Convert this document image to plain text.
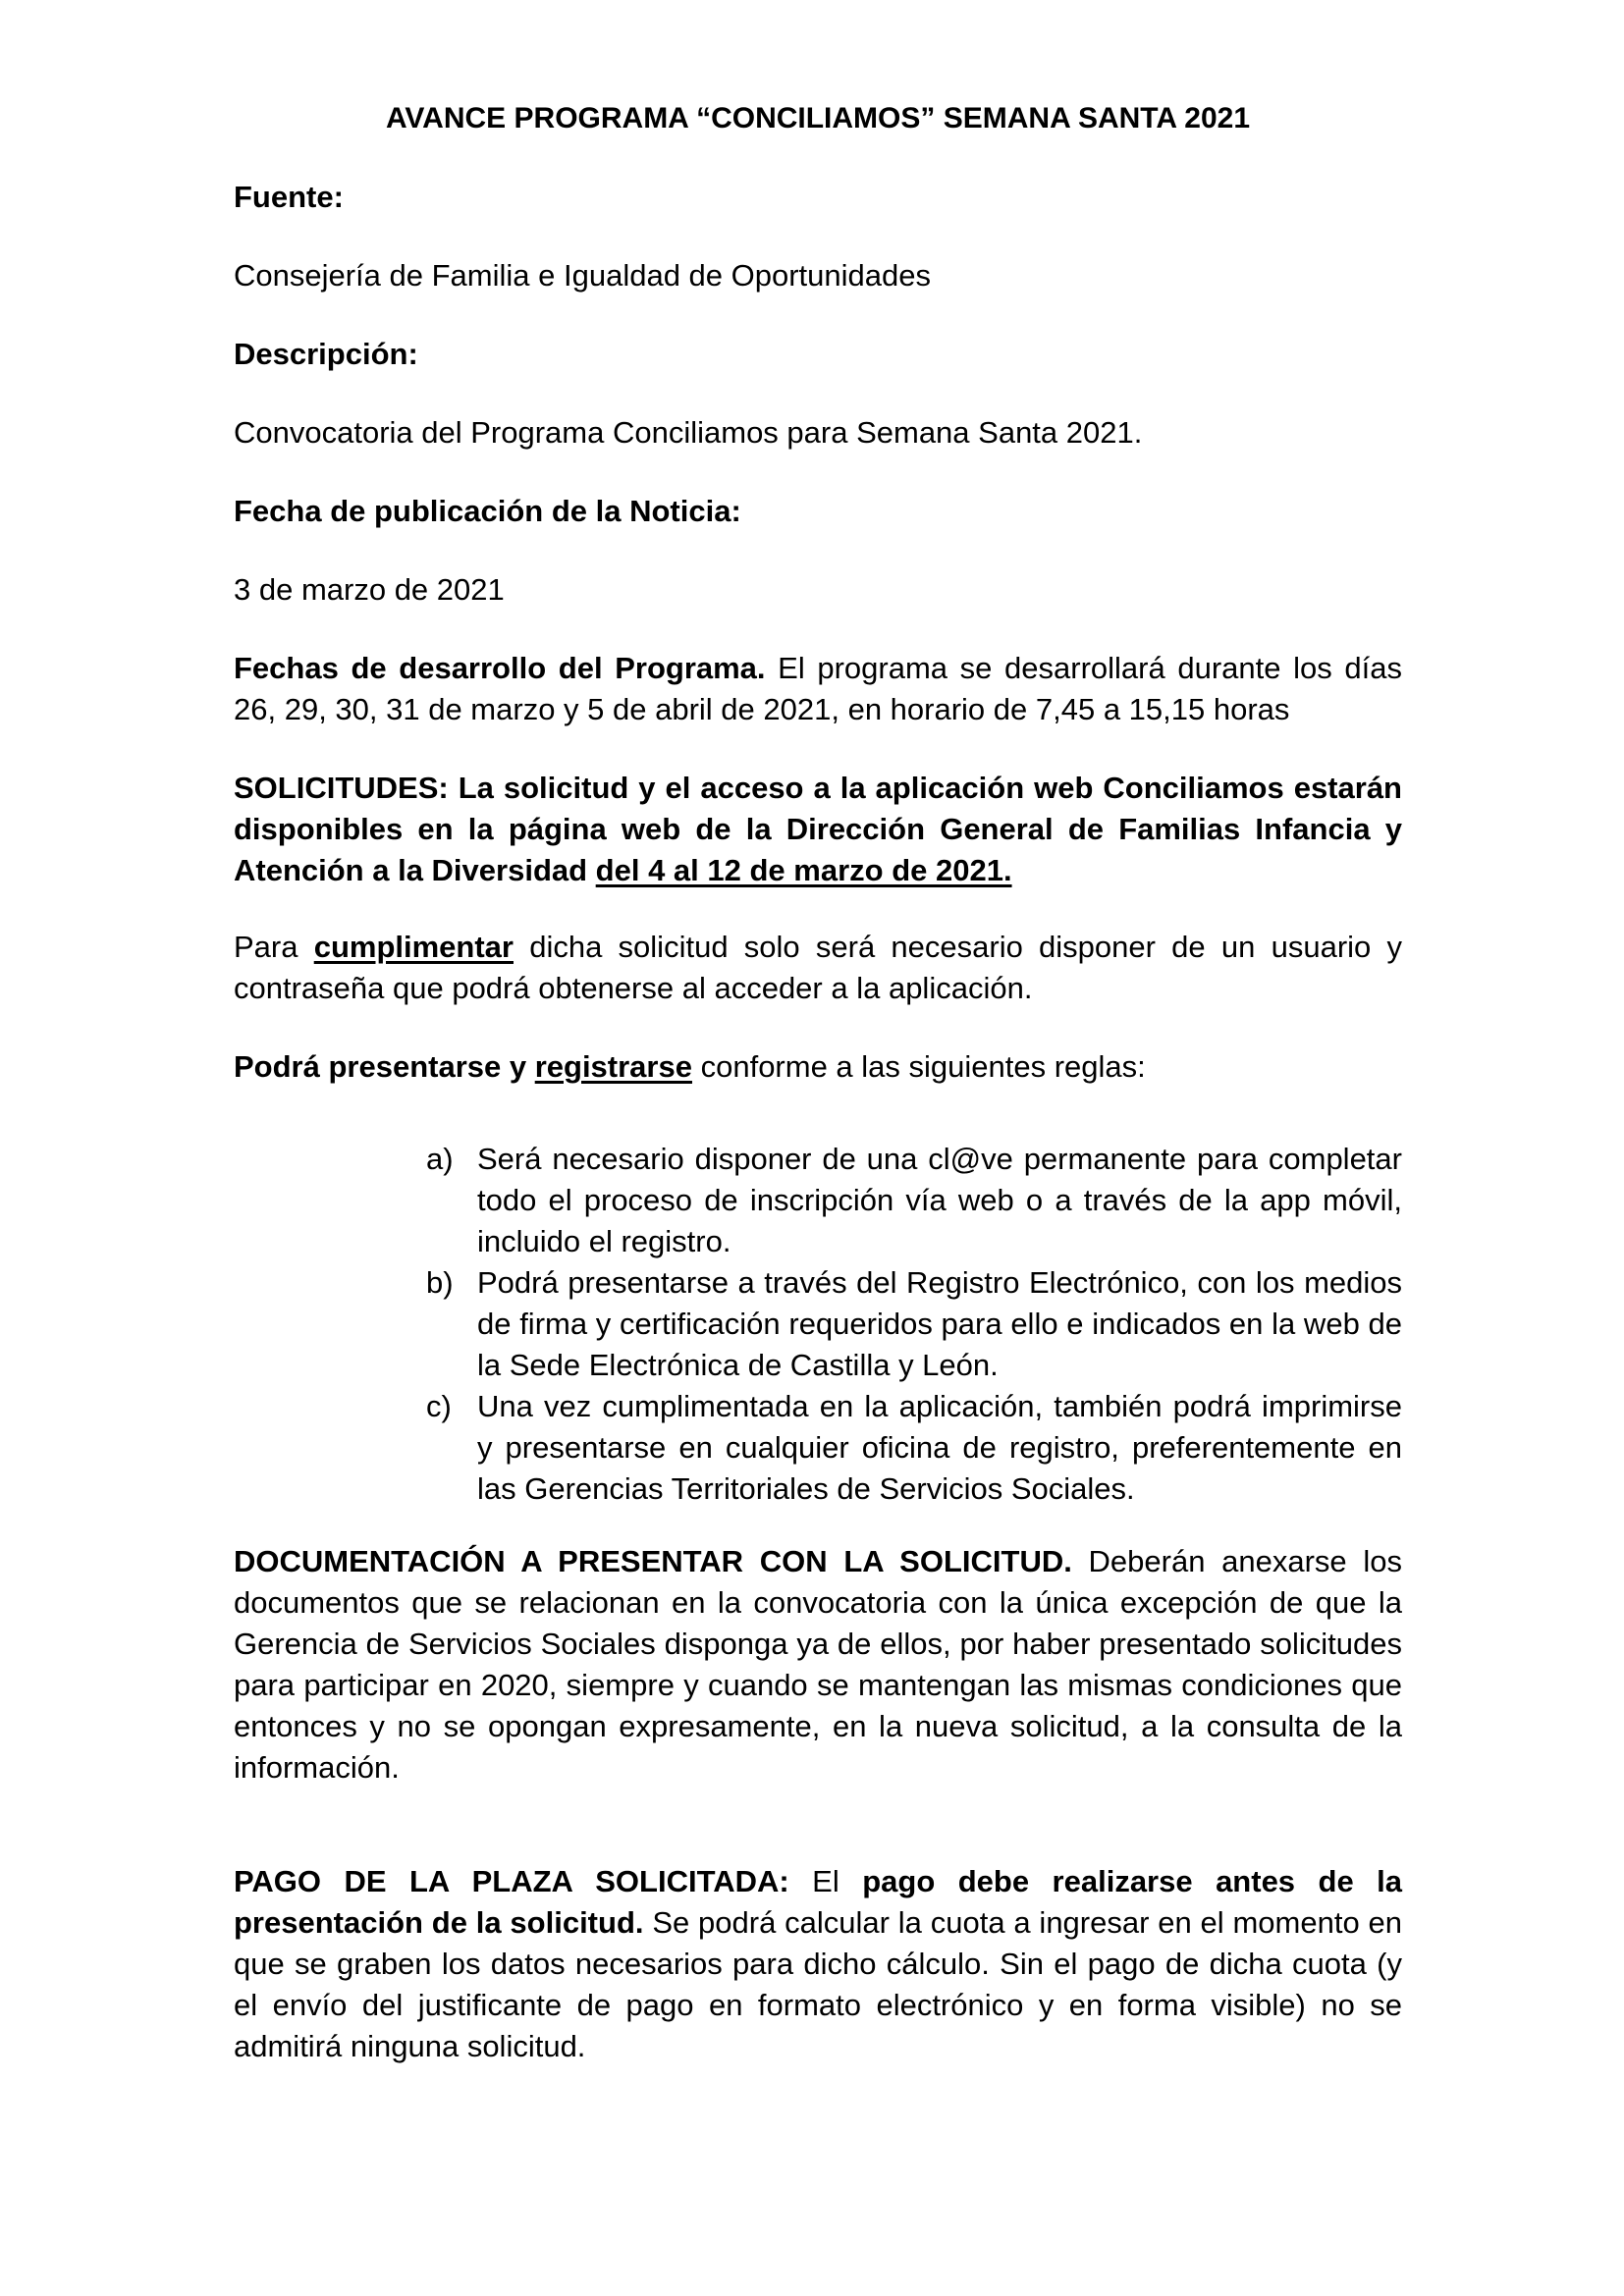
AVANCE PROGRAMA “CONCILIAMOS” SEMANA SANTA 2021

Fuente:

Consejería de Familia e Igualdad de Oportunidades

Descripción:

Convocatoria del Programa Conciliamos para Semana Santa 2021.

Fecha de publicación de la Noticia:

3 de marzo de 2021

Fechas de desarrollo del Programa. El programa se desarrollará durante los días 26, 29, 30, 31 de marzo y 5 de abril de 2021, en horario de 7,45 a 15,15 horas

SOLICITUDES: La solicitud y el acceso a la aplicación web Conciliamos estarán disponibles en la página web de la Dirección General de Familias Infancia y Atención a la Diversidad del 4 al 12 de marzo de 2021.

Para cumplimentar dicha solicitud solo será necesario disponer de un usuario y contraseña que podrá obtenerse al acceder a la aplicación.

Podrá presentarse y registrarse conforme a las siguientes reglas:

a) Será necesario disponer de una cl@ve permanente para completar todo el proceso de inscripción vía web o a través de la app móvil, incluido el registro.
b) Podrá presentarse a través del Registro Electrónico, con los medios de firma y certificación requeridos para ello e indicados en la web de la Sede Electrónica de Castilla y León.
c) Una vez cumplimentada en la aplicación, también podrá imprimirse y presentarse en cualquier oficina de registro, preferentemente en las Gerencias Territoriales de Servicios Sociales.

DOCUMENTACIÓN A PRESENTAR CON LA SOLICITUD. Deberán anexarse los documentos que se relacionan en la convocatoria con la única excepción de que la Gerencia de Servicios Sociales disponga ya de ellos, por haber presentado solicitudes para participar en 2020, siempre y cuando se mantengan las mismas condiciones que entonces y no se opongan expresamente, en la nueva solicitud, a la consulta de la información.

PAGO DE LA PLAZA SOLICITADA: El pago debe realizarse antes de la presentación de la solicitud. Se podrá calcular la cuota a ingresar en el momento en que se graben los datos necesarios para dicho cálculo. Sin el pago de dicha cuota (y el envío del justificante de pago en formato electrónico y en forma visible) no se admitirá ninguna solicitud.
